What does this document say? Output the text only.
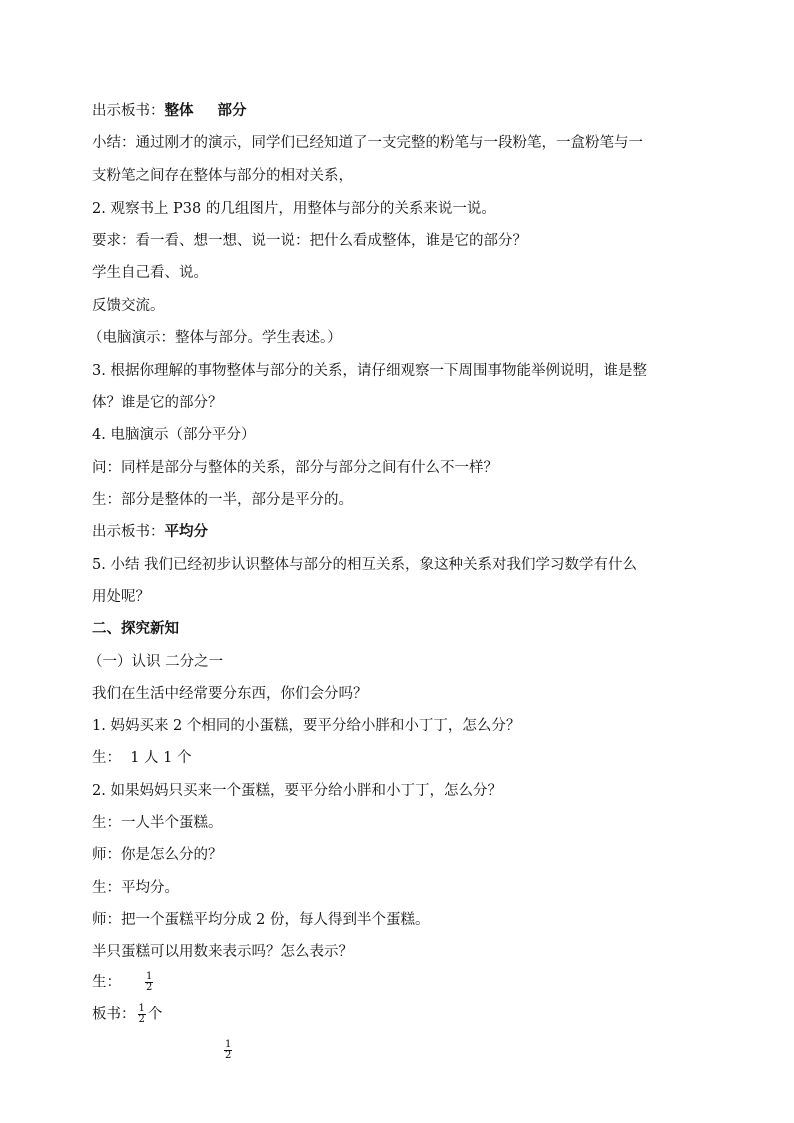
出示板书：整体 部分
小结：通过刚才的演示，同学们已经知道了一支完整的粉笔与一段粉笔，一盒粉笔与一
支粉笔之间存在整体与部分的相对关系，
2. 观察书上 P38 的几组图片，用整体与部分的关系来说一说。
要求：看一看、想一想、说一说：把什么看成整体，谁是它的部分？
学生自己看、说。
反馈交流。
（电脑演示：整体与部分。学生表述。）
3. 根据你理解的事物整体与部分的关系，请仔细观察一下周围事物能举例说明，谁是整
体？谁是它的部分？
4. 电脑演示（部分平分）
问：同样是部分与整体的关系，部分与部分之间有什么不一样？
生：部分是整体的一半，部分是平分的。
出示板书：平均分
5. 小结 我们已经初步认识整体与部分的相互关系，象这种关系对我们学习数学有什么
用处呢？
二、探究新知
（一）认识 二分之一
我们在生活中经常要分东西，你们会分吗？
1. 妈妈买来 2 个相同的小蛋糕，要平分给小胖和小丁丁，怎么分？
生：  1 人 1 个
2. 如果妈妈只买来一个蛋糕，要平分给小胖和小丁丁，怎么分？
生：一人半个蛋糕。
师：你是怎么分的？
生：平均分。
师：把一个蛋糕平均分成 2 份，每人得到半个蛋糕。
半只蛋糕可以用数来表示吗？怎么表示？
生： $\frac{1}{2}$
板书： $\frac{1}{2}$ 个
$\frac{1}{2}$
